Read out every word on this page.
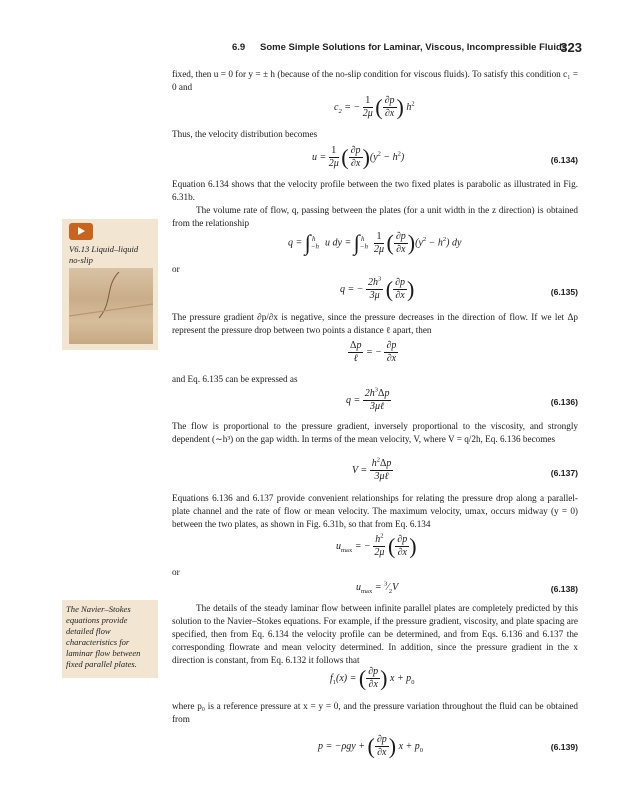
6.9 Some Simple Solutions for Laminar, Viscous, Incompressible Fluids
323
V6.13 Liquid–liquid no-slip
The Navier–Stokes equations provide detailed flow characteristics for laminar flow between fixed parallel plates.
fixed, then u = 0 for y = ± h (because of the no-slip condition for viscous fluids). To satisfy this condition c₁ = 0 and
$c_2$ = − $\frac{1}{2\mu}$ ( $\frac{\partial p}{\partial x}$ ) $h^2$
Thus, the velocity distribution becomes
$u = \frac{1}{2\mu}$ ( $\frac{\partial p}{\partial x} )(y^2 - h^2)$	(6.134)
Equation 6.134 shows that the velocity profile between the two fixed plates is parabolic as illustrated in Fig. 6.31b.
The volume rate of flow, q, passing between the plates (for a unit width in the z direction) is obtained from the relationship
$q = \int_{-h}^h$ u dy = $\int_{-h}^h \frac{1}{2\mu}$ ( $\frac{\partial p}{\partial x} )(y^2 - h^2)$ dy
or
q = − $\frac{2h^3}{3\mu}$ ( $\frac{\partial p}{\partial x}$ )	(6.135)
The pressure gradient ∂p/∂x is negative, since the pressure decreases in the direction of flow. If we let Δp represent the pressure drop between two points a distance ℓ apart, then
$\frac{\Delta p}{\text{ℓ}}$ = − $\frac{\partial p}{\partial x}$
and Eq. 6.135 can be expressed as
$q = \frac{2h^3\Delta p}{\text{3μℓ}}$	(6.136)
The flow is proportional to the pressure gradient, inversely proportional to the viscosity, and strongly dependent (∼h³) on the gap width. In terms of the mean velocity, V, where V = q/2h, Eq. 6.136 becomes
$V = \frac{h^2\Delta p}{\text{3μℓ}}$	(6.137)
Equations 6.136 and 6.137 provide convenient relationships for relating the pressure drop along a parallel-plate channel and the rate of flow or mean velocity. The maximum velocity, umax, occurs midway (y = 0) between the two plates, as shown in Fig. 6.31b, so that from Eq. 6.134
$u_{max}$ = − $\frac{h^2}{2\mu}$ ( $\frac{\partial p}{\partial x}$ )
or
$u_{max}$ = $^3⁄_2V$	(6.138)
The details of the steady laminar flow between infinite parallel plates are completely predicted by this solution to the Navier–Stokes equations. For example, if the pressure gradient, viscosity, and plate spacing are specified, then from Eq. 6.134 the velocity profile can be determined, and from Eqs. 6.136 and 6.137 the corresponding flowrate and mean velocity determined. In addition, since the pressure gradient in the x direction is constant, from Eq. 6.132 it follows that
$f_1(x)$ = ( $\frac{\partial p}{\partial x}$ ) $x + p_0$
where p₀ is a reference pressure at x = y = 0, and the pressure variation throughout the fluid can be obtained from
p = −ρgy + ( $\frac{\partial p}{\partial x}$ ) $x + p_0$	(6.139)
